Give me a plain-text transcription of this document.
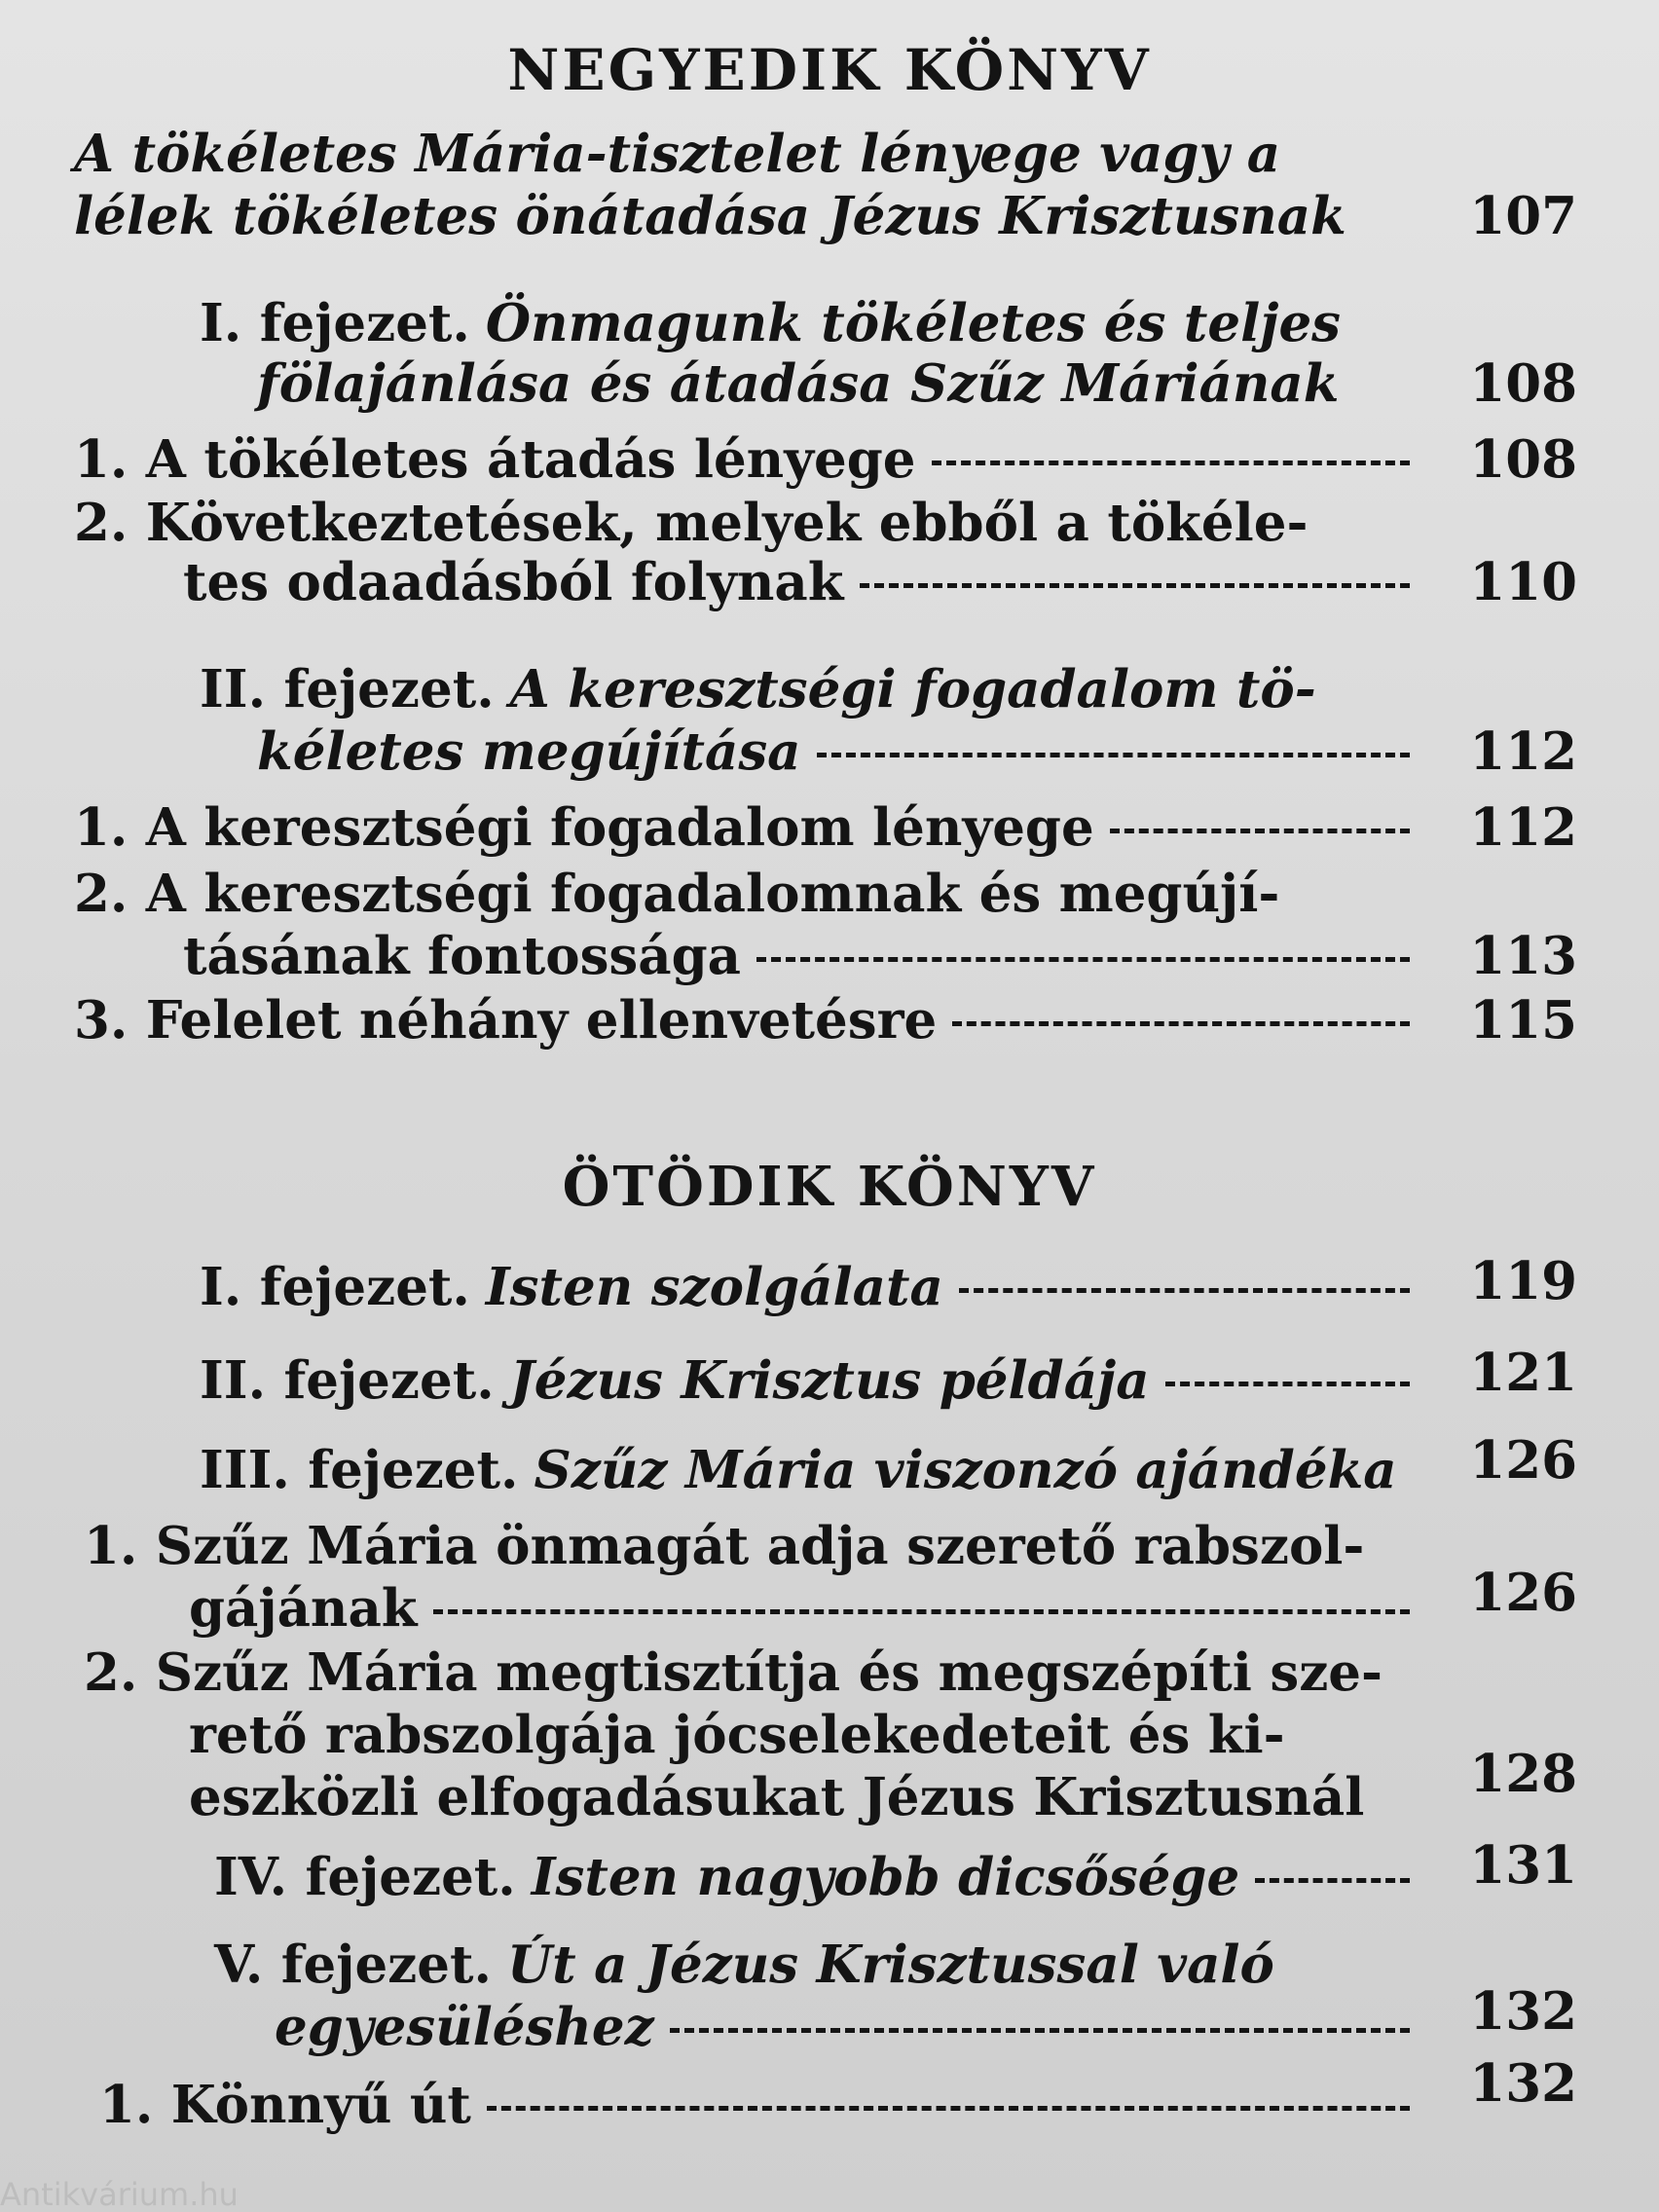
NEGYEDIK KÖNYV
A tökéletes Mária-tisztelet lényege vagy a
lélek tökéletes önátadása Jézus Krisztusnak	107
I. fejezet. Önmagunk tökéletes és teljes
fölajánlása és átadása Szűz Máriának	108
1. A tökéletes átadás lényege	108
2. Következtetések, melyek ebből a tökéle-
tes odaadásból folynak	110
II. fejezet. A keresztségi fogadalom tö-
kéletes megújítása	112
1. A keresztségi fogadalom lényege	112
2. A keresztségi fogadalomnak és megújí-
tásának fontossága	113
3. Felelet néhány ellenvetésre	115
ÖTÖDIK KÖNYV
I. fejezet. Isten szolgálata	119
II. fejezet. Jézus Krisztus példája	121
III. fejezet. Szűz Mária viszonzó ajándéka	126
1. Szűz Mária önmagát adja szerető rabszol-
gájának	126
2. Szűz Mária megtisztítja és megszépíti sze-
rető rabszolgája jócselekedeteit és ki-
eszközli elfogadásukat Jézus Krisztusnál	128
IV. fejezet. Isten nagyobb dicsősége	131
V. fejezet. Út a Jézus Krisztussal való
egyesüléshez	132
1. Könnyű út	132
Antikvárium.hu
